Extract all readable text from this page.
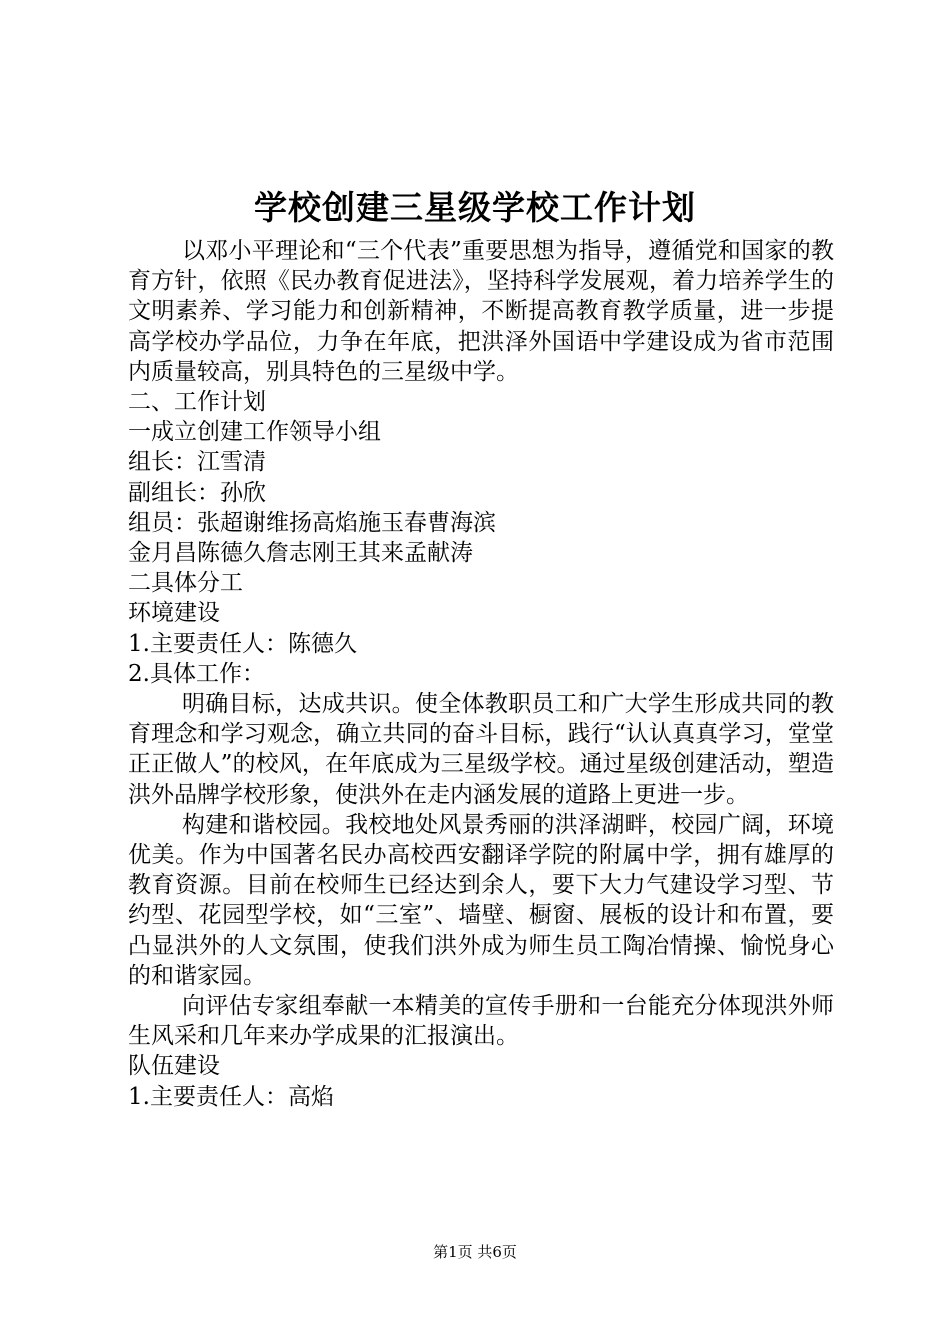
学校创建三星级学校工作计划

以邓小平理论和“三个代表”重要思想为指导，遵循党和国家的教育方针，依照《民办教育促进法》，坚持科学发展观，着力培养学生的文明素养、学习能力和创新精神，不断提高教育教学质量，进一步提高学校办学品位，力争在年底，把洪泽外国语中学建设成为省市范围内质量较高，别具特色的三星级中学。

二、工作计划

一成立创建工作领导小组

组长：江雪清

副组长：孙欣

组员：张超谢维扬高焰施玉春曹海滨

金月昌陈德久詹志刚王其来孟献涛

二具体分工

环境建设

1.主要责任人：陈德久

2.具体工作：

明确目标，达成共识。使全体教职员工和广大学生形成共同的教育理念和学习观念，确立共同的奋斗目标，践行“认认真真学习，堂堂正正做人”的校风，在年底成为三星级学校。通过星级创建活动，塑造洪外品牌学校形象，使洪外在走内涵发展的道路上更进一步。

构建和谐校园。我校地处风景秀丽的洪泽湖畔，校园广阔，环境优美。作为中国著名民办高校西安翻译学院的附属中学，拥有雄厚的教育资源。目前在校师生已经达到余人，要下大力气建设学习型、节约型、花园型学校，如“三室”、墙壁、橱窗、展板的设计和布置，要凸显洪外的人文氛围，使我们洪外成为师生员工陶冶情操、愉悦身心的和谐家园。

向评估专家组奉献一本精美的宣传手册和一台能充分体现洪外师生风采和几年来办学成果的汇报演出。

队伍建设

1.主要责任人：高焰

第1页 共6页
